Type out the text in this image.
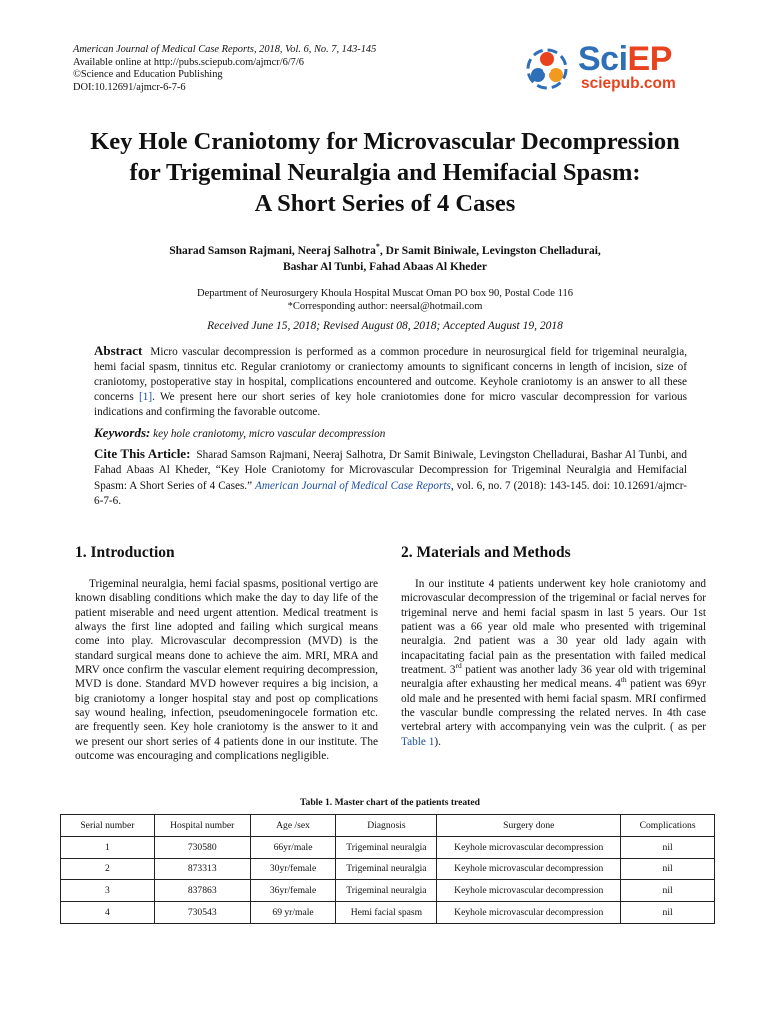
American Journal of Medical Case Reports, 2018, Vol. 6, No. 7, 143-145
Available online at http://pubs.sciepub.com/ajmcr/6/7/6
©Science and Education Publishing
DOI:10.12691/ajmcr-6-7-6
SciEP
sciepub.com
Key Hole Craniotomy for Microvascular Decompression
for Trigeminal Neuralgia and Hemifacial Spasm:
A Short Series of 4 Cases
Sharad Samson Rajmani, Neeraj Salhotra*, Dr Samit Biniwale, Levingston Chelladurai,
Bashar Al Tunbi, Fahad Abaas Al Kheder
Department of Neurosurgery Khoula Hospital Muscat Oman PO box 90, Postal Code 116
*Corresponding author: neersal@hotmail.com
Received June 15, 2018; Revised August 08, 2018; Accepted August 19, 2018
Abstract Micro vascular decompression is performed as a common procedure in neurosurgical field for trigeminal neuralgia, hemi facial spasm, tinnitus etc. Regular craniotomy or craniectomy amounts to significant concerns in length of incision, size of craniotomy, postoperative stay in hospital, complications encountered and outcome. Keyhole craniotomy is an answer to all these concerns [1]. We present here our short series of key hole craniotomies done for micro vascular decompression for various indications and confirming the favorable outcome.
Keywords: key hole craniotomy, micro vascular decompression
Cite This Article: Sharad Samson Rajmani, Neeraj Salhotra, Dr Samit Biniwale, Levingston Chelladurai, Bashar Al Tunbi, and Fahad Abaas Al Kheder, “Key Hole Craniotomy for Microvascular Decompression for Trigeminal Neuralgia and Hemifacial Spasm: A Short Series of 4 Cases.” American Journal of Medical Case Reports, vol. 6, no. 7 (2018): 143-145. doi: 10.12691/ajmcr-6-7-6.
1. Introduction

Trigeminal neuralgia, hemi facial spasms, positional vertigo are known disabling conditions which make the day to day life of the patient miserable and need urgent attention. Medical treatment is always the first line adopted and failing which surgical means come into play. Microvascular decompression (MVD) is the standard surgical means done to achieve the aim. MRI, MRA and MRV once confirm the vascular element requiring decompression, MVD is done. Standard MVD however requires a big incision, a big craniotomy a longer hospital stay and post op complications say wound healing, infection, pseudomeningocele formation etc. are frequently seen. Key hole craniotomy is the answer to it and we present our short series of 4 patients done in our institute. The outcome was encouraging and complications negligible.

2. Materials and Methods

In our institute 4 patients underwent key hole craniotomy and microvascular decompression of the trigeminal or facial nerves for trigeminal nerve and hemi facial spasm in last 5 years. Our 1st patient was a 66 year old male who presented with trigeminal neuralgia. 2nd patient was a 30 year old lady again with incapacitating facial pain as the presentation with failed medical treatment. 3rd patient was another lady 36 year old with trigeminal neuralgia after exhausting her medical means. 4th patient was 69yr old male and he presented with hemi facial spasm. MRI confirmed the vascular bundle compressing the related nerves. In 4th case vertebral artery with accompanying vein was the culprit. ( as per Table 1).

Table 1. Master chart of the patients treated
Serial number	Hospital number	Age /sex	Diagnosis	Surgery done	Complications
1	730580	66yr/male	Trigeminal neuralgia	Keyhole microvascular decompression	nil
2	873313	30yr/female	Trigeminal neuralgia	Keyhole microvascular decompression	nil
3	837863	36yr/female	Trigeminal neuralgia	Keyhole microvascular decompression	nil
4	730543	69 yr/male	Hemi facial spasm	Keyhole microvascular decompression	nil
